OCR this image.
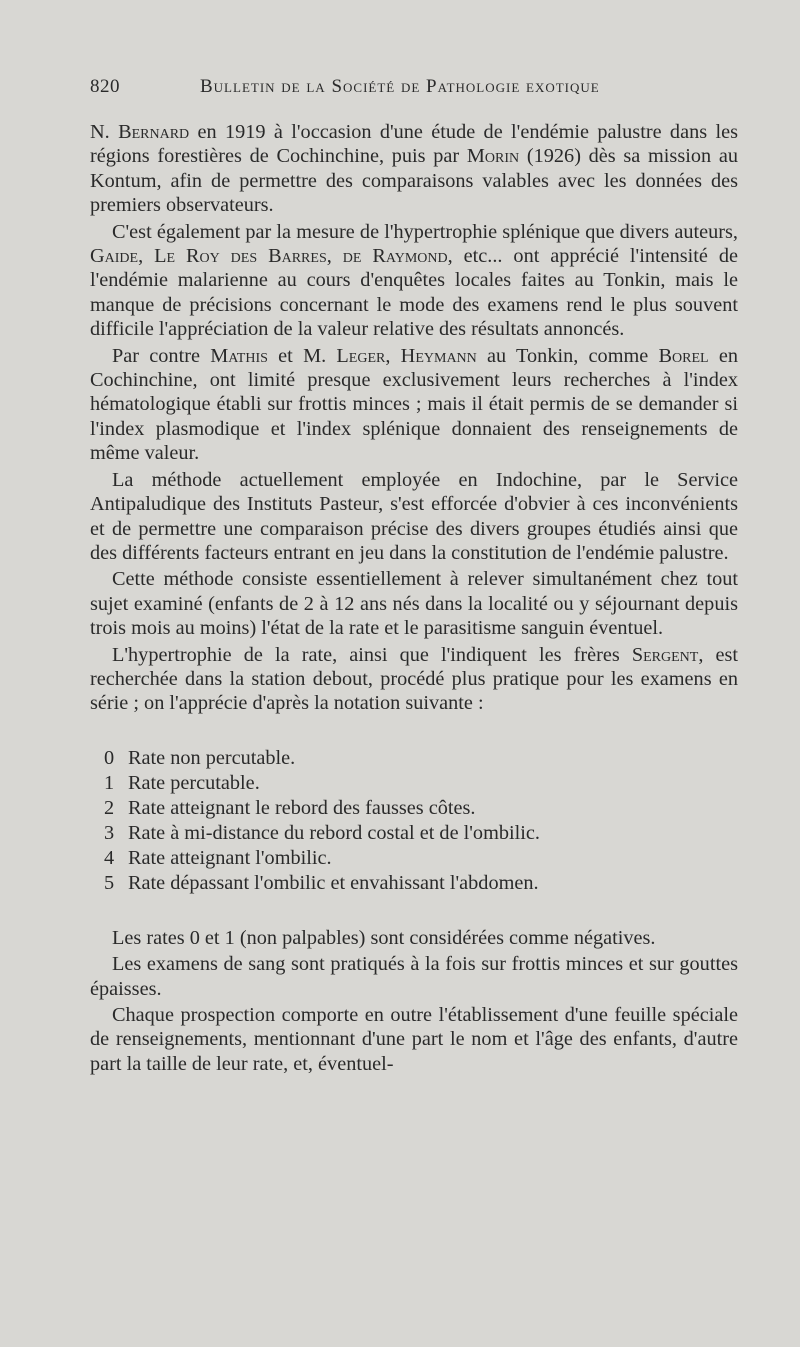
820	Bulletin de la Société de Pathologie exotique

N. Bernard en 1919 à l'occasion d'une étude de l'endémie palustre dans les régions forestières de Cochinchine, puis par Morin (1926) dès sa mission au Kontum, afin de permettre des comparaisons valables avec les données des premiers observateurs.

C'est également par la mesure de l'hypertrophie splénique que divers auteurs, Gaide, Le Roy des Barres, de Raymond, etc... ont apprécié l'intensité de l'endémie malarienne au cours d'enquêtes locales faites au Tonkin, mais le manque de précisions concernant le mode des examens rend le plus souvent difficile l'appréciation de la valeur relative des résultats annoncés.

Par contre Mathis et M. Leger, Heymann au Tonkin, comme Borel en Cochinchine, ont limité presque exclusivement leurs recherches à l'index hématologique établi sur frottis minces ; mais il était permis de se demander si l'index plasmodique et l'index splénique donnaient des renseignements de même valeur.

La méthode actuellement employée en Indochine, par le Service Antipaludique des Instituts Pasteur, s'est efforcée d'obvier à ces inconvénients et de permettre une comparaison précise des divers groupes étudiés ainsi que des différents facteurs entrant en jeu dans la constitution de l'endémie palustre.

Cette méthode consiste essentiellement à relever simultanément chez tout sujet examiné (enfants de 2 à 12 ans nés dans la localité ou y séjournant depuis trois mois au moins) l'état de la rate et le parasitisme sanguin éventuel.

L'hypertrophie de la rate, ainsi que l'indiquent les frères Sergent, est recherchée dans la station debout, procédé plus pratique pour les examens en série ; on l'apprécie d'après la notation suivante :

0 Rate non percutable.
1 Rate percutable.
2 Rate atteignant le rebord des fausses côtes.
3 Rate à mi-distance du rebord costal et de l'ombilic.
4 Rate atteignant l'ombilic.
5 Rate dépassant l'ombilic et envahissant l'abdomen.

Les rates 0 et 1 (non palpables) sont considérées comme négatives.

Les examens de sang sont pratiqués à la fois sur frottis minces et sur gouttes épaisses.

Chaque prospection comporte en outre l'établissement d'une feuille spéciale de renseignements, mentionnant d'une part le nom et l'âge des enfants, d'autre part la taille de leur rate, et, éventuel-
